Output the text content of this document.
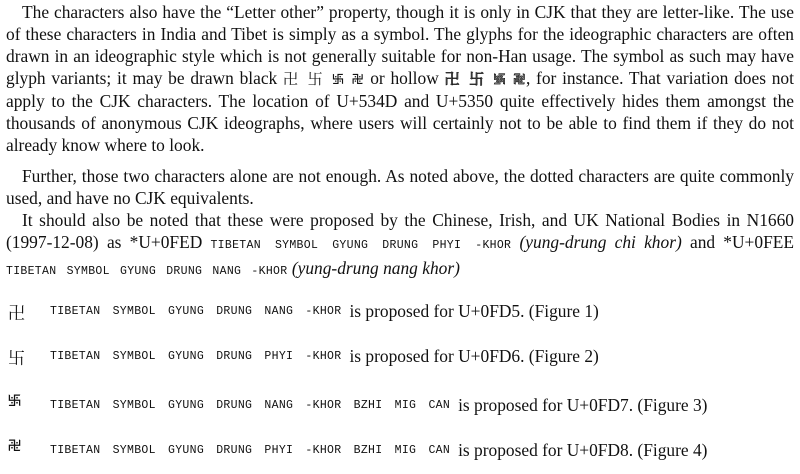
The characters also have the “Letter other” property, though it is only in CJK that they are letter-like. The use of these characters in India and Tibet is simply as a symbol. The glyphs for the ideographic characters are often drawn in an ideographic style which is not generally suitable for non-Han usage. The symbol as such may have glyph variants; it may be drawn black 卍 卐 ࿗ ࿘ or hollow 卍 卐 ࿗ ࿘, for instance. That variation does not apply to the CJK characters. The location of U+534D and U+5350 quite effectively hides them amongst the thousands of anonymous CJK ideographs, where users will certainly not to be able to find them if they do not already know where to look.

Further, those two characters alone are not enough. As noted above, the dotted characters are quite commonly used, and have no CJK equivalents.

It should also be noted that these were proposed by the Chinese, Irish, and UK National Bodies in N1660 (1997-12-08) as *U+0FED TIBETAN SYMBOL GYUNG DRUNG PHYI -KHOR (yung-drung chi khor) and *U+0FEE TIBETAN SYMBOL GYUNG DRUNG NANG -KHOR (yung-drung nang khor)

卍	TIBETAN SYMBOL GYUNG DRUNG NANG -KHOR is proposed for U+0FD5. (Figure 1)
卐	TIBETAN SYMBOL GYUNG DRUNG PHYI -KHOR is proposed for U+0FD6. (Figure 2)
࿗	TIBETAN SYMBOL GYUNG DRUNG NANG -KHOR BZHI MIG CAN is proposed for U+0FD7. (Figure 3)
࿘	TIBETAN SYMBOL GYUNG DRUNG PHYI -KHOR BZHI MIG CAN is proposed for U+0FD8. (Figure 4)
